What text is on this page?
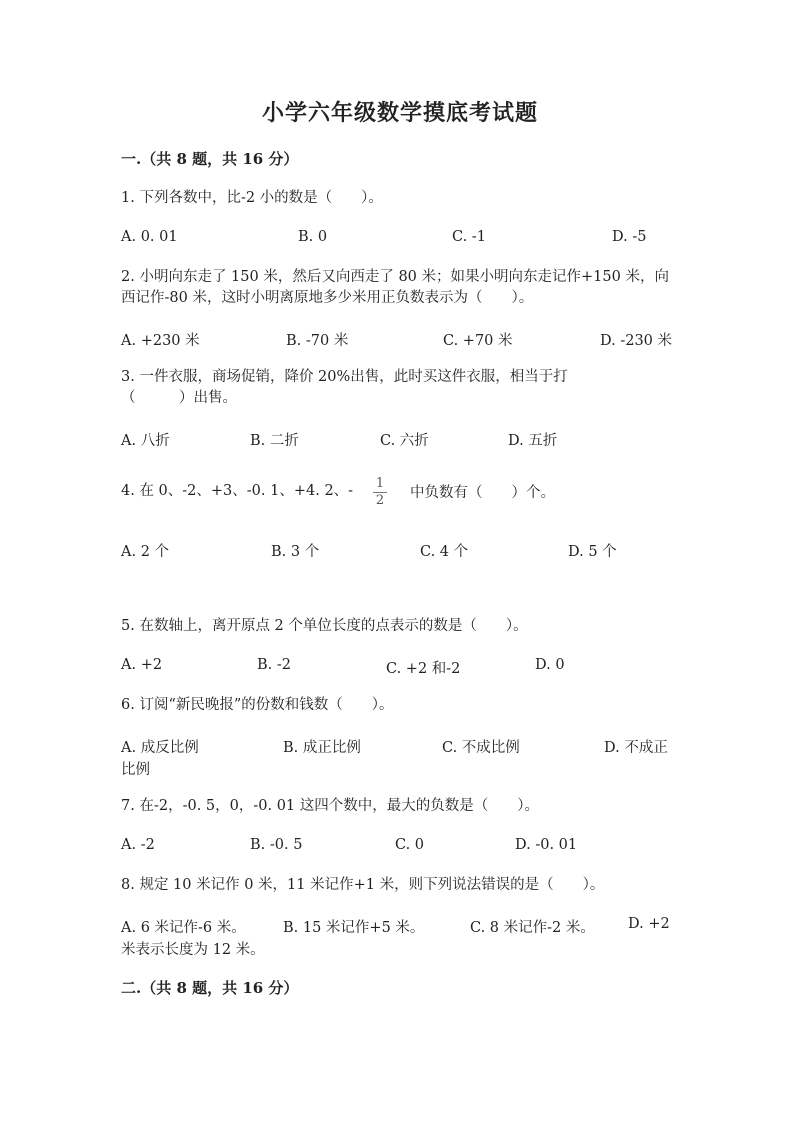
小学六年级数学摸底考试题
一.（共 8 题，共 16 分）
1. 下列各数中，比-2 小的数是（　　）。
A. 0. 01	B. 0	C. -1	D. -5
2. 小明向东走了 150 米，然后又向西走了 80 米；如果小明向东走记作+150 米，向西记作-80 米，这时小明离原地多少米用正负数表示为（　　）。
A. +230 米	B. -70 米	C. +70 米	D. -230 米
3. 一件衣服，商场促销，降价 20%出售，此时买这件衣服，相当于打（　　　）出售。
A. 八折	B. 二折	C. 六折	D. 五折
4. 在 0、-2、+3、-0. 1、+4. 2、-	1
2 中负数有（　　）个。
A. 2 个	B. 3 个	C. 4 个	D. 5 个
5. 在数轴上，离开原点 2 个单位长度的点表示的数是（　　）。
A. +2	B. -2	C. +2 和-2	D. 0
6. 订阅“新民晚报”的份数和钱数（　　）。
A. 成反比例	B. 成正比例	C. 不成比例	D. 不成正
比例
7. 在-2，-0. 5，0，-0. 01 这四个数中，最大的负数是（　　）。
A. -2	B. -0. 5	C. 0	D. -0. 01
8. 规定 10 米记作 0 米，11 米记作+1 米，则下列说法错误的是（　　）。
A. 6 米记作-6 米。	B. 15 米记作+5 米。	C. 8 米记作-2 米。 D. +2
米表示长度为 12 米。
二.（共 8 题，共 16 分）
